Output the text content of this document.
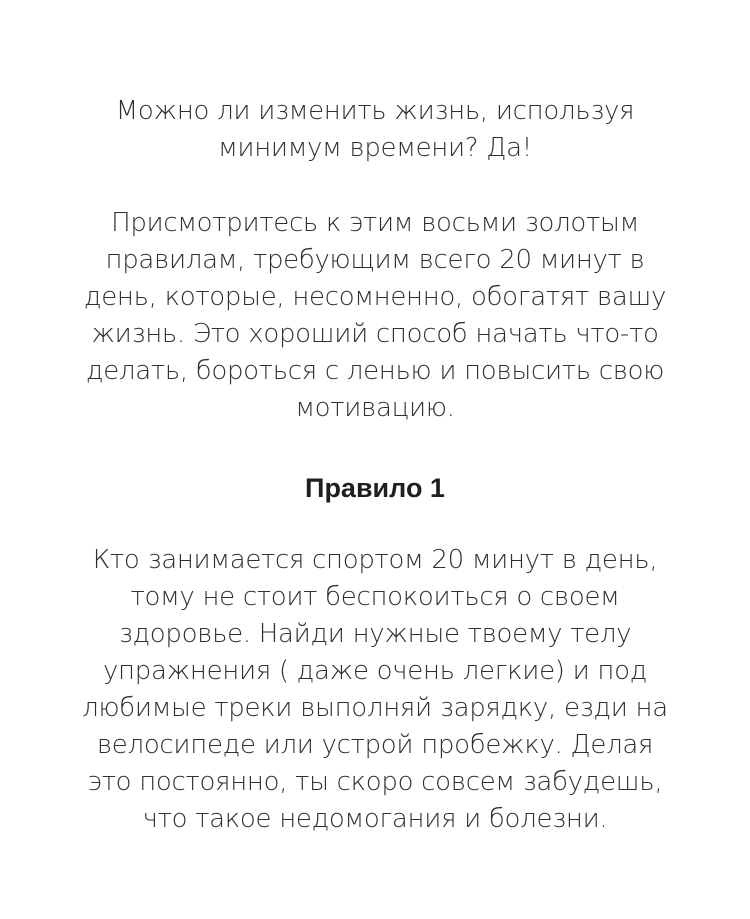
Можно ли изменить жизнь, используя
минимум времени? Да!
Присмотритесь к этим восьми золотым
правилам, требующим всего 20 минут в
день, которые, несомненно, обогатят вашу
жизнь. Это хороший способ начать что-то
делать, бороться с ленью и повысить свою
мотивацию.
Правило 1
Кто занимается спортом 20 минут в день,
тому не стоит беспокоиться о своем
здоровье. Найди нужные твоему телу
упражнения ( даже очень легкие) и под
любимые треки выполняй зарядку, езди на
велосипеде или устрой пробежку. Делая
это постоянно, ты скоро совсем забудешь,
что такое недомогания и болезни.
